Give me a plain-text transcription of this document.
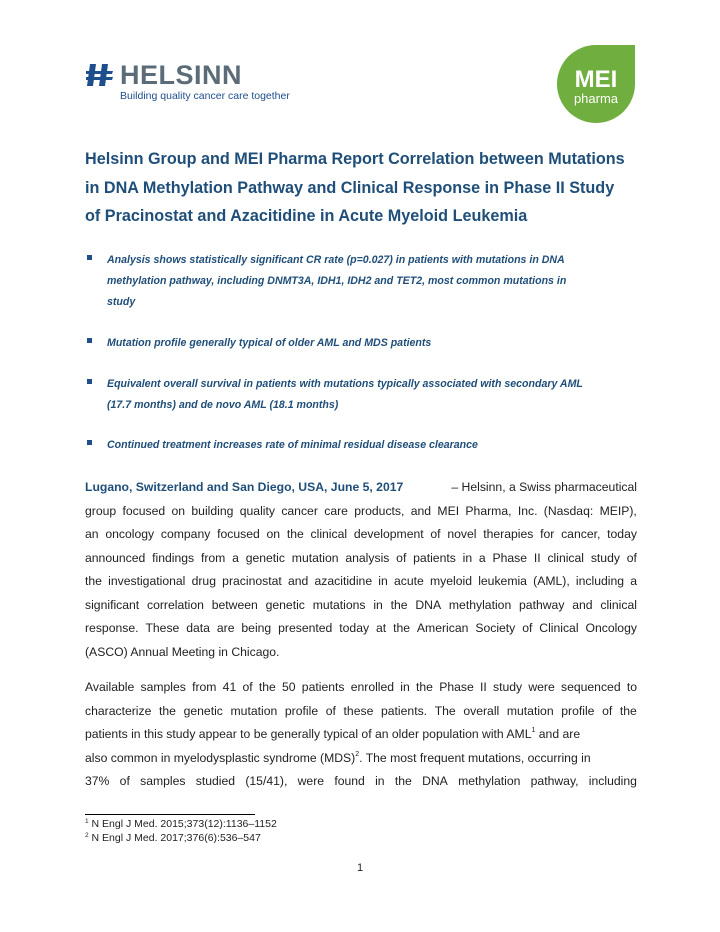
HELSINN
Building quality cancer care together
MEI
pharma
Helsinn Group and MEI Pharma Report Correlation between Mutations
in DNA Methylation Pathway and Clinical Response in Phase II Study
of Pracinostat and Azacitidine in Acute Myeloid Leukemia
Analysis shows statistically significant CR rate (p=0.027) in patients with mutations in DNA
methylation pathway, including DNMT3A, IDH1, IDH2 and TET2, most common mutations in
study
Mutation profile generally typical of older AML and MDS patients
Equivalent overall survival in patients with mutations typically associated with secondary AML
(17.7 months) and de novo AML (18.1 months)
Continued treatment increases rate of minimal residual disease clearance
Lugano, Switzerland and San Diego, USA, June 5, 2017	– Helsinn, a Swiss pharmaceutical
group focused on building quality cancer care products, and MEI Pharma, Inc. (Nasdaq: MEIP),
an oncology company focused on the clinical development of novel therapies for cancer, today
announced findings from a genetic mutation analysis of patients in a Phase II clinical study of
the investigational drug pracinostat and azacitidine in acute myeloid leukemia (AML), including a
significant correlation between genetic mutations in the DNA methylation pathway and clinical
response. These data are being presented today at the American Society of Clinical Oncology
(ASCO) Annual Meeting in Chicago.
Available samples from 41 of the 50 patients enrolled in the Phase II study were sequenced to
characterize the genetic mutation profile of these patients. The overall mutation profile of the
patients in this study appear to be generally typical of an older population with AML$^1$ and are
also common in myelodysplastic syndrome (MDS)$^2$. The most frequent mutations, occurring in
37% of samples studied (15/41), were found in the DNA methylation pathway, including
$^1$ N Engl J Med. 2015;373(12):1136–1152
$^2$ N Engl J Med. 2017;376(6):536–547
1
